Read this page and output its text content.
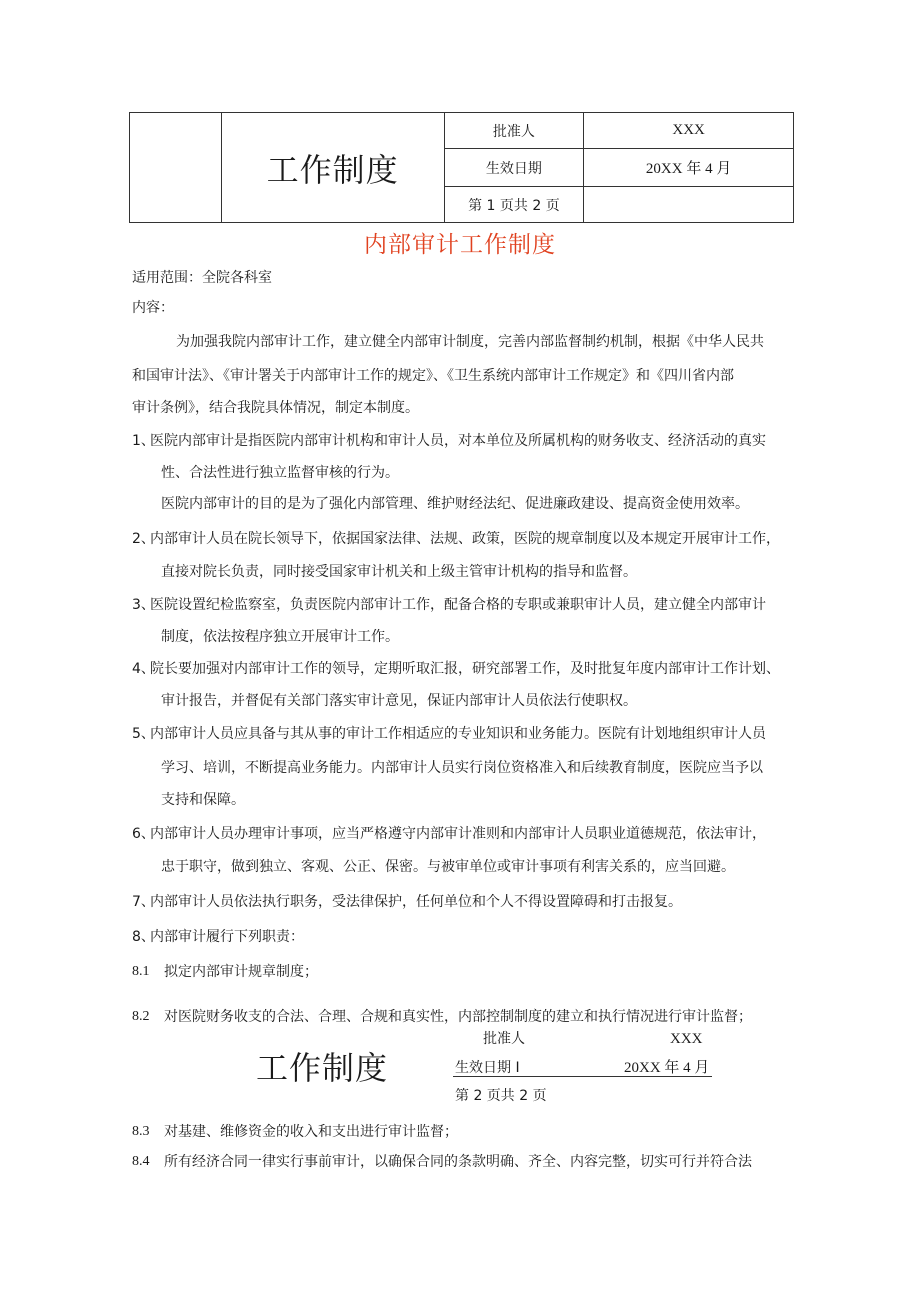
	工作制度	批准人	XXX
		生效日期	20XX 年 4 月
		第 1 页共 2 页	
内部审计工作制度
适用范围：全院各科室
内容：
为加强我院内部审计工作，建立健全内部审计制度，完善内部监督制约机制，根据《中华人民共
和国审计法》、《审计署关于内部审计工作的规定》、《卫生系统内部审计工作规定》和《四川省内部
审计条例》，结合我院具体情况，制定本制度。
1、
医院内部审计是指医院内部审计机构和审计人员，对本单位及所属机构的财务收支、经济活动的真实
性、合法性进行独立监督审核的行为。
医院内部审计的目的是为了强化内部管理、维护财经法纪、促进廉政建设、提高资金使用效率。
2、
内部审计人员在院长领导下，依据国家法律、法规、政策，医院的规章制度以及本规定开展审计工作，
直接对院长负责，同时接受国家审计机关和上级主管审计机构的指导和监督。
3、
医院设置纪检监察室，负责医院内部审计工作，配备合格的专职或兼职审计人员，建立健全内部审计
制度，依法按程序独立开展审计工作。
4、
院长要加强对内部审计工作的领导，定期听取汇报，研究部署工作，及时批复年度内部审计工作计划、
审计报告，并督促有关部门落实审计意见，保证内部审计人员依法行使职权。
5、
内部审计人员应具备与其从事的审计工作相适应的专业知识和业务能力。医院有计划地组织审计人员
学习、培训，不断提高业务能力。内部审计人员实行岗位资格准入和后续教育制度，医院应当予以
支持和保障。
6、
内部审计人员办理审计事项，应当严格遵守内部审计准则和内部审计人员职业道德规范，依法审计，
忠于职守，做到独立、客观、公正、保密。与被审单位或审计事项有利害关系的，应当回避。
7、
内部审计人员依法执行职务，受法律保护，任何单位和个人不得设置障碍和打击报复。
8、
内部审计履行下列职责：
8.1 拟定内部审计规章制度；
8.2 对医院财务收支的合法、合理、合规和真实性，内部控制制度的建立和执行情况进行审计监督；
工作制度
批准人	XXX
生效日期 I	20XX 年 4 月
第 2 页共 2 页
8.3 对基建、维修资金的收入和支出进行审计监督；
8.4 所有经济合同一律实行事前审计，以确保合同的条款明确、齐全、内容完整，切实可行并符合法
